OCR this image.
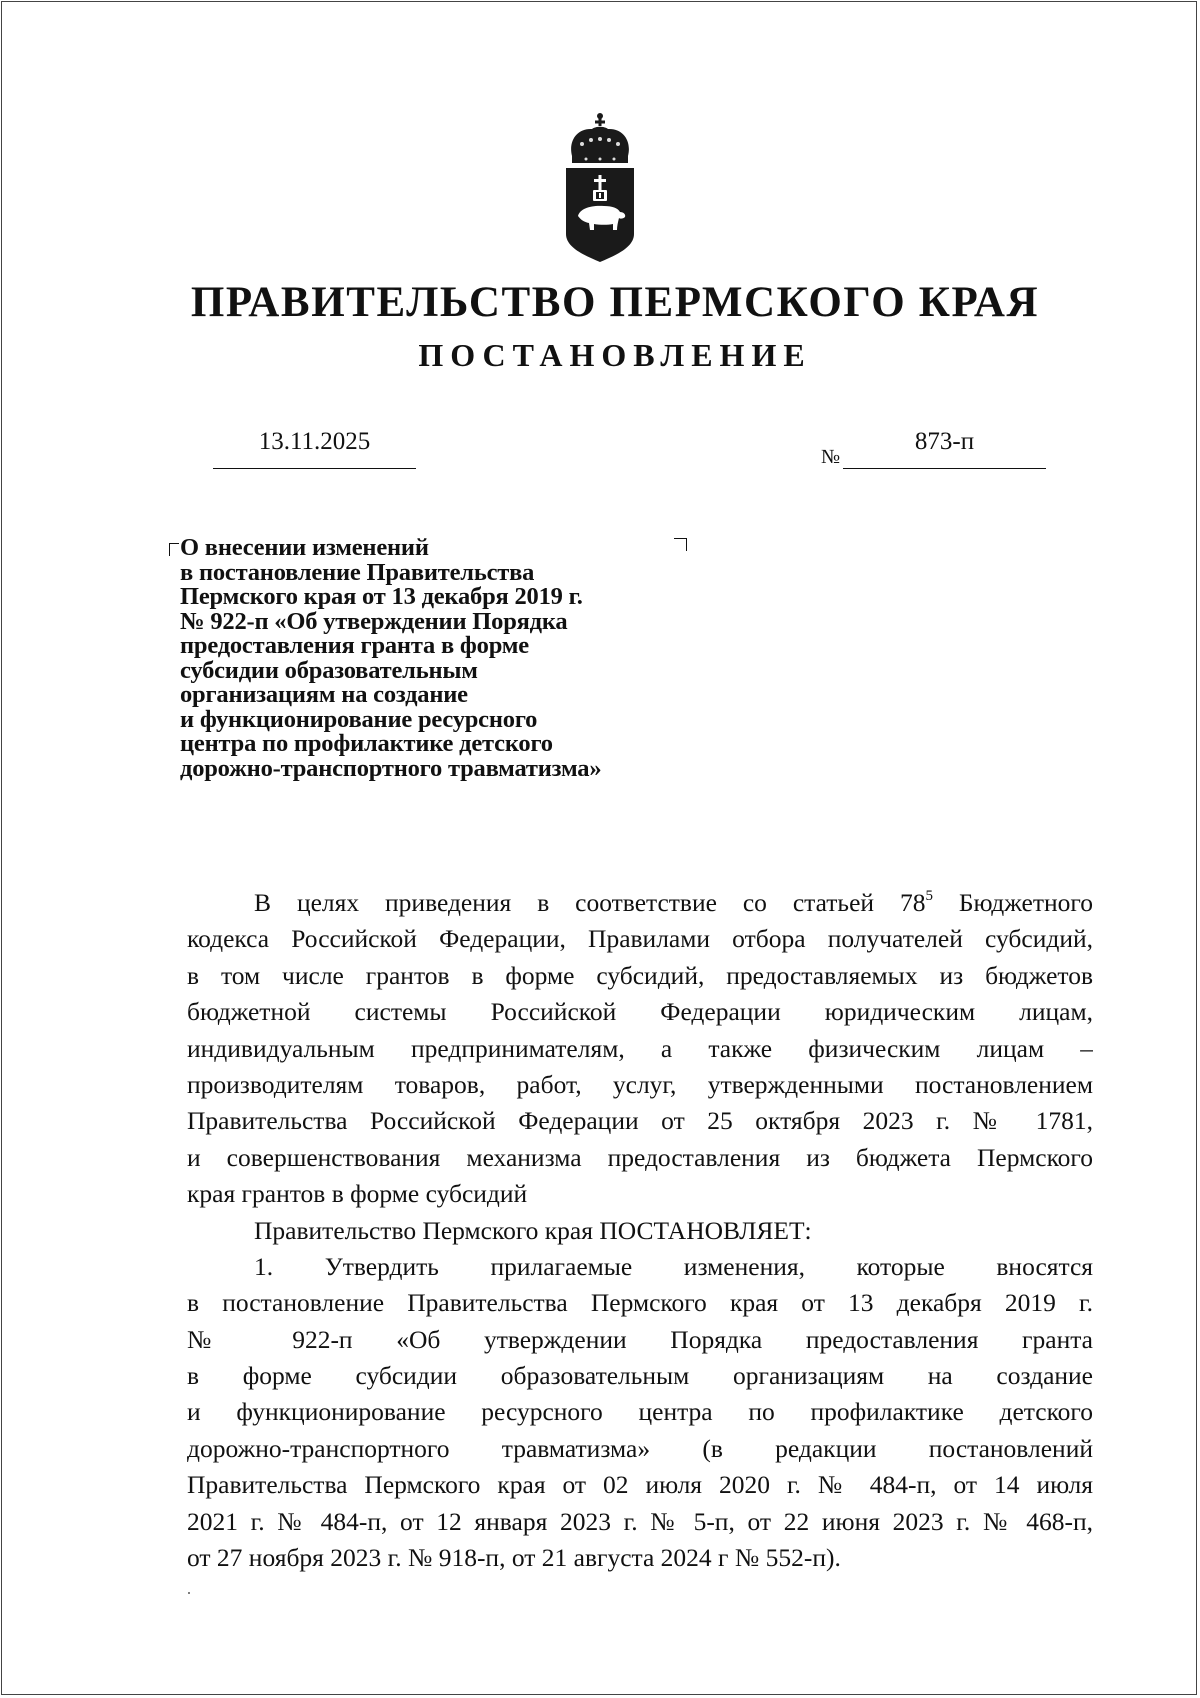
ПРАВИТЕЛЬСТВО ПЕРМСКОГО КРАЯ
ПОСТАНОВЛЕНИЕ
13.11.2025
№
873-п
О внесении изменений
в постановление Правительства
Пермского края от 13 декабря 2019 г.
№ 922-п «Об утверждении Порядка
предоставления гранта в форме
субсидии образовательным
организациям на создание
и функционирование ресурсного
центра по профилактике детского
дорожно-транспортного травматизма»
В целях приведения в соответствие со статьей $78^5$ Бюджетного
кодекса Российской Федерации, Правилами отбора получателей субсидий,
в том числе грантов в форме субсидий, предоставляемых из бюджетов
бюджетной системы Российской Федерации юридическим лицам,
индивидуальным предпринимателям, а также физическим лицам –
производителям товаров, работ, услуг, утвержденными постановлением
Правительства Российской Федерации от 25 октября 2023 г. № 1781,
и совершенствования механизма предоставления из бюджета Пермского
края грантов в форме субсидий
Правительство Пермского края ПОСТАНОВЛЯЕТ:
1. Утвердить прилагаемые изменения, которые вносятся
в постановление Правительства Пермского края от 13 декабря 2019 г.
№ 922-п «Об утверждении Порядка предоставления гранта
в форме субсидии образовательным организациям на создание
и функционирование ресурсного центра по профилактике детского
дорожно-транспортного травматизма» (в редакции постановлений
Правительства Пермского края от 02 июля 2020 г. № 484-п, от 14 июля
2021 г. № 484-п, от 12 января 2023 г. № 5-п, от 22 июня 2023 г. № 468-п,
от 27 ноября 2023 г. № 918-п, от 21 августа 2024 г № 552-п).
